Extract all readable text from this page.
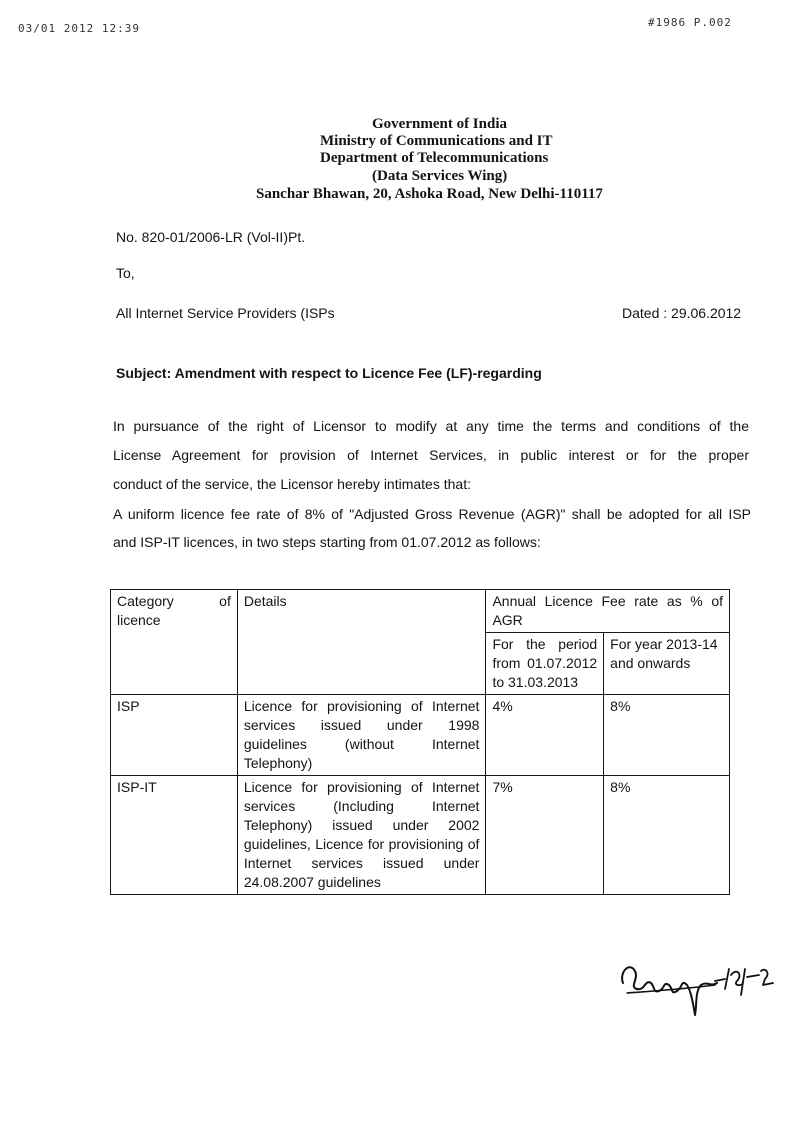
03/01 2012 12:39	#1986 P.002
Government of India
Ministry of Communications and IT
Department of Telecommunications
(Data Services Wing)
Sanchar Bhawan, 20, Ashoka Road, New Delhi-110117
No. 820-01/2006-LR (Vol-II)Pt.
To,
All Internet Service Providers (ISPs	Dated : 29.06.2012
Subject: Amendment with respect to Licence Fee (LF)-regarding
In pursuance of the right of Licensor to modify at any time the terms and conditions of the
License Agreement for provision of Internet Services, in public interest or for the proper
conduct of the service, the Licensor hereby intimates that:
A uniform licence fee rate of 8% of "Adjusted Gross Revenue (AGR)" shall be adopted for all ISP
and ISP-IT licences, in two steps starting from 01.07.2012 as follows:
Category of licence	Details	Annual Licence Fee rate as % of AGR	
		For the period from 01.07.2012 to 31.03.2013	For year 2013-14 and onwards
ISP	Licence for provisioning of Internet services issued under 1998 guidelines (without Internet Telephony)	4%	8%
ISP-IT	Licence for provisioning of Internet services (Including Internet Telephony) issued under 2002 guidelines, Licence for provisioning of Internet services issued under 24.08.2007 guidelines	7%	8%
